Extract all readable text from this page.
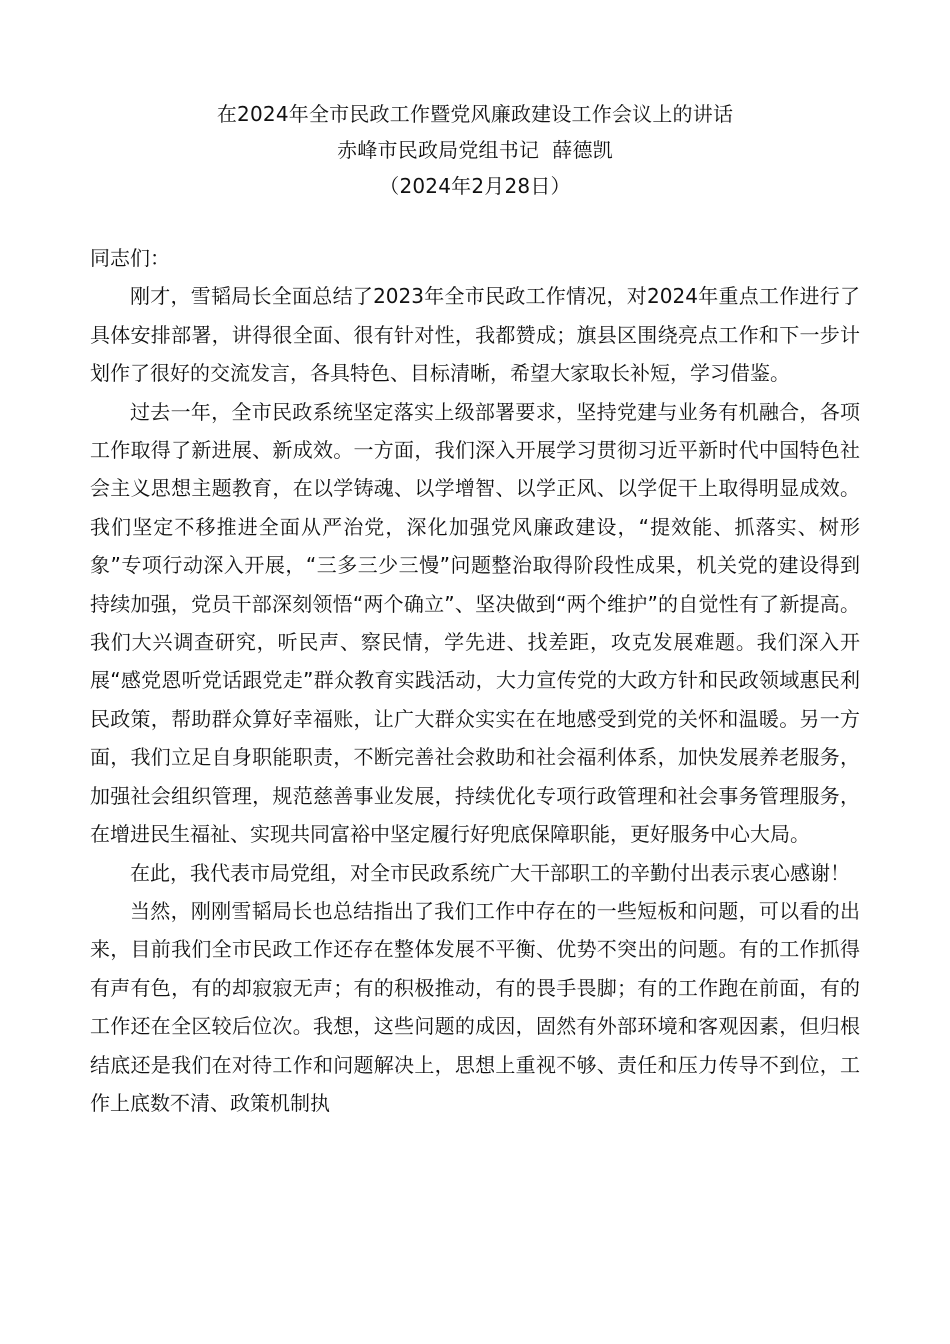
在2024年全市民政工作暨党风廉政建设工作会议上的讲话
赤峰市民政局党组书记  薛德凯
（2024年2月28日）

同志们：

刚才，雪韬局长全面总结了2023年全市民政工作情况，对2024年重点工作进行了具体安排部署，讲得很全面、很有针对性，我都赞成；旗县区围绕亮点工作和下一步计划作了很好的交流发言，各具特色、目标清晰，希望大家取长补短，学习借鉴。

过去一年，全市民政系统坚定落实上级部署要求，坚持党建与业务有机融合，各项工作取得了新进展、新成效。一方面，我们深入开展学习贯彻习近平新时代中国特色社会主义思想主题教育，在以学铸魂、以学增智、以学正风、以学促干上取得明显成效。我们坚定不移推进全面从严治党，深化加强党风廉政建设，“提效能、抓落实、树形象”专项行动深入开展，“三多三少三慢”问题整治取得阶段性成果，机关党的建设得到持续加强，党员干部深刻领悟“两个确立”、坚决做到“两个维护”的自觉性有了新提高。我们大兴调查研究，听民声、察民情，学先进、找差距，攻克发展难题。我们深入开展“感党恩听党话跟党走”群众教育实践活动，大力宣传党的大政方针和民政领域惠民利民政策，帮助群众算好幸福账，让广大群众实实在在地感受到党的关怀和温暖。另一方面，我们立足自身职能职责，不断完善社会救助和社会福利体系，加快发展养老服务，加强社会组织管理，规范慈善事业发展，持续优化专项行政管理和社会事务管理服务，在增进民生福祉、实现共同富裕中坚定履行好兜底保障职能，更好服务中心大局。

在此，我代表市局党组，对全市民政系统广大干部职工的辛勤付出表示衷心感谢！

当然，刚刚雪韬局长也总结指出了我们工作中存在的一些短板和问题，可以看的出来，目前我们全市民政工作还存在整体发展不平衡、优势不突出的问题。有的工作抓得有声有色，有的却寂寂无声；有的积极推动，有的畏手畏脚；有的工作跑在前面，有的工作还在全区较后位次。我想，这些问题的成因，固然有外部环境和客观因素，但归根结底还是我们在对待工作和问题解决上，思想上重视不够、责任和压力传导不到位，工作上底数不清、政策机制执
